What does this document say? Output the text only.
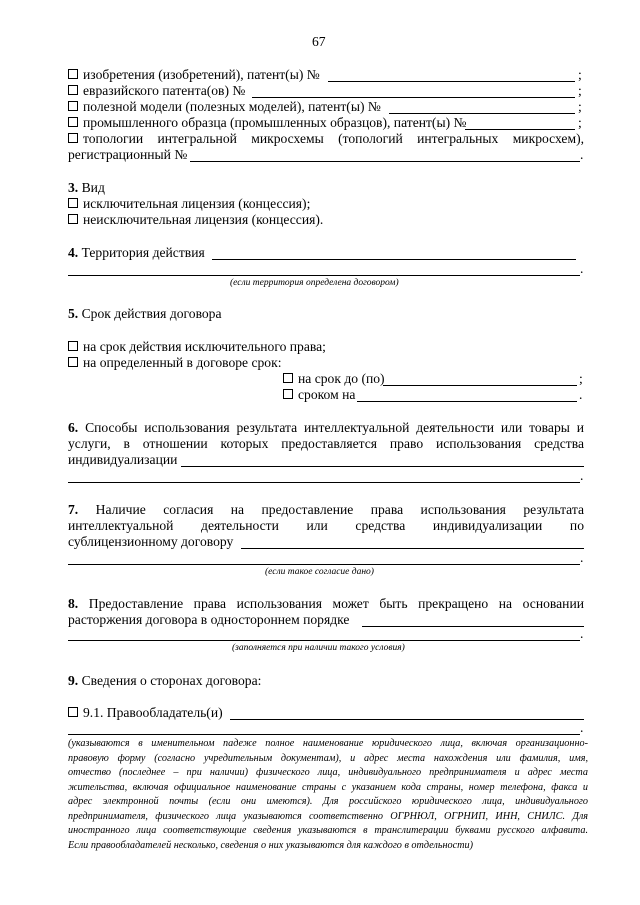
67
изобретения (изобретений), патент(ы) №	;
евразийского патента(ов) №	;
полезной модели (полезных моделей), патент(ы) №	;
промышленного образца (промышленных образцов), патент(ы) №	;
топологии интегральной микросхемы (топологий интегральных микросхем),
регистрационный №	.
3. Вид
исключительная лицензия (концессия);
неисключительная лицензия (концессия).
4. Территория действия
.
(если территория определена договором)
5. Срок действия договора
на срок действия исключительного права;
на определенный в договоре срок:
на срок до (по)	;
сроком на	.
6. Способы использования результата интеллектуальной деятельности или товары и
услуги, в отношении которых предоставляется право использования средства
индивидуализации
.
7. Наличие согласия на предоставление права использования результата
интеллектуальной деятельности или средства индивидуализации по
сублицензионному договору
.
(если такое согласие дано)
8. Предоставление права использования может быть прекращено на основании
расторжения договора в одностороннем порядке
.
(заполняется при наличии такого условия)
9. Сведения о сторонах договора:
9.1. Правообладатель(и)
.
(указываются в именительном падеже полное наименование юридического лица, включая организационно-
правовую форму (согласно учредительным документам), и адрес места нахождения или фамилия, имя,
отчество (последнее – при наличии) физического лица, индивидуального предпринимателя и адрес места
жительства, включая официальное наименование страны с указанием кода страны, номер телефона, факса и
адрес электронной почты (если они имеются). Для российского юридического лица, индивидуального
предпринимателя, физического лица указываются соответственно ОГРНЮЛ, ОГРНИП, ИНН, СНИЛС. Для
иностранного лица соответствующие сведения указываются в транслитерации буквами русского алфавита.
Если правообладателей несколько, сведения о них указываются для каждого в отдельности)
